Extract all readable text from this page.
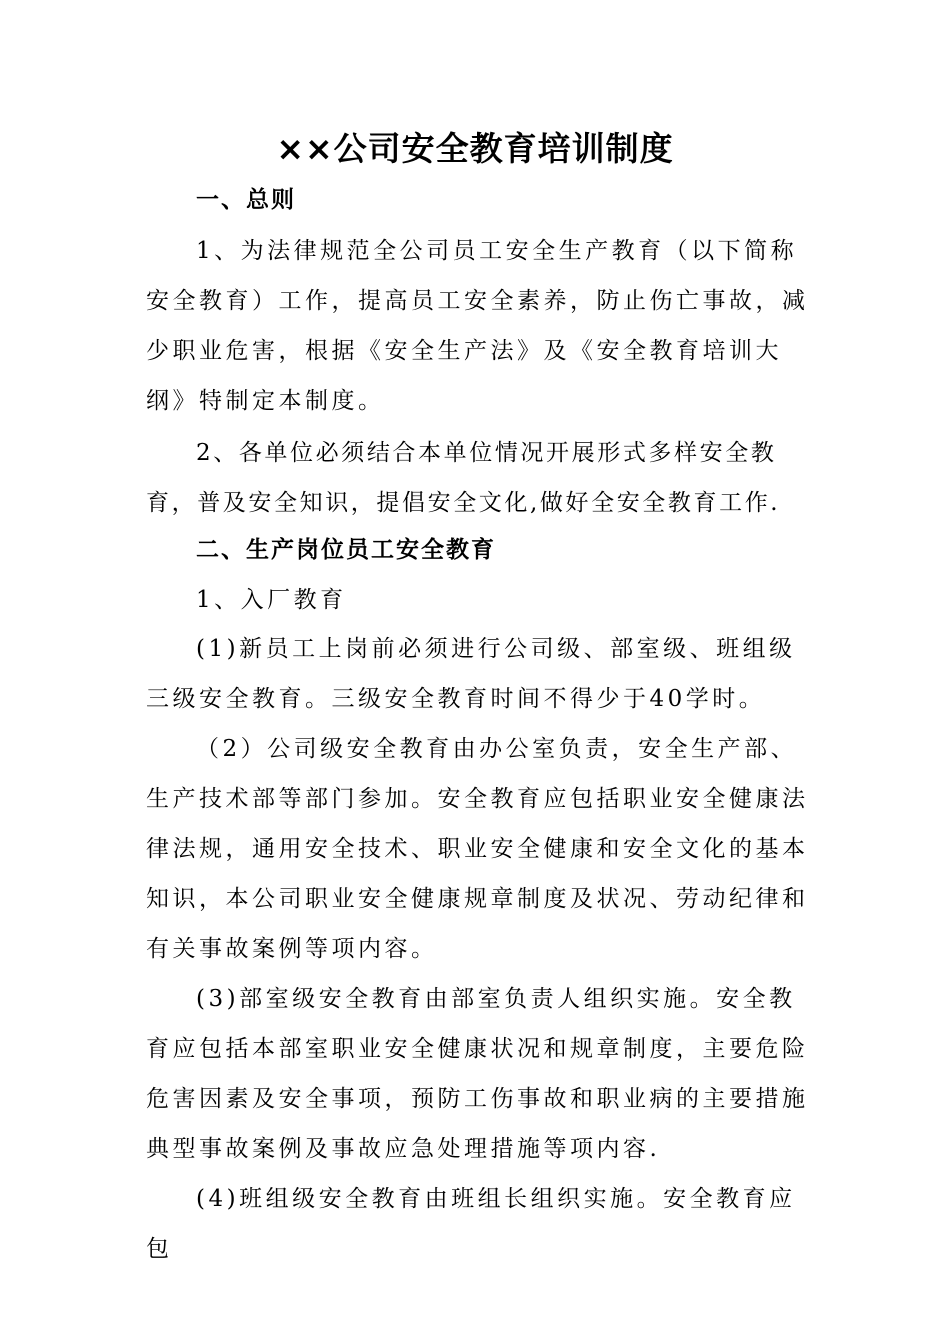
××公司安全教育培训制度
一、总则

1、为法律规范全公司员工安全生产教育（以下简称安全教育）工作，提高员工安全素养，防止伤亡事故，减少职业危害，根据《安全生产法》及《安全教育培训大纲》特制定本制度。

2、各单位必须结合本单位情况开展形式多样安全教育，普及安全知识，提倡安全文化,做好全安全教育工作.

二、生产岗位员工安全教育
1、入厂教育

(1)新员工上岗前必须进行公司级、部室级、班组级三级安全教育。三级安全教育时间不得少于40学时。

（2）公司级安全教育由办公室负责，安全生产部、生产技术部等部门参加。安全教育应包括职业安全健康法律法规，通用安全技术、职业安全健康和安全文化的基本知识，本公司职业安全健康规章制度及状况、劳动纪律和有关事故案例等项内容。

(3)部室级安全教育由部室负责人组织实施。安全教育应包括本部室职业安全健康状况和规章制度，主要危险危害因素及安全事项，预防工伤事故和职业病的主要措施典型事故案例及事故应急处理措施等项内容.

(4)班组级安全教育由班组长组织实施。安全教育应包
